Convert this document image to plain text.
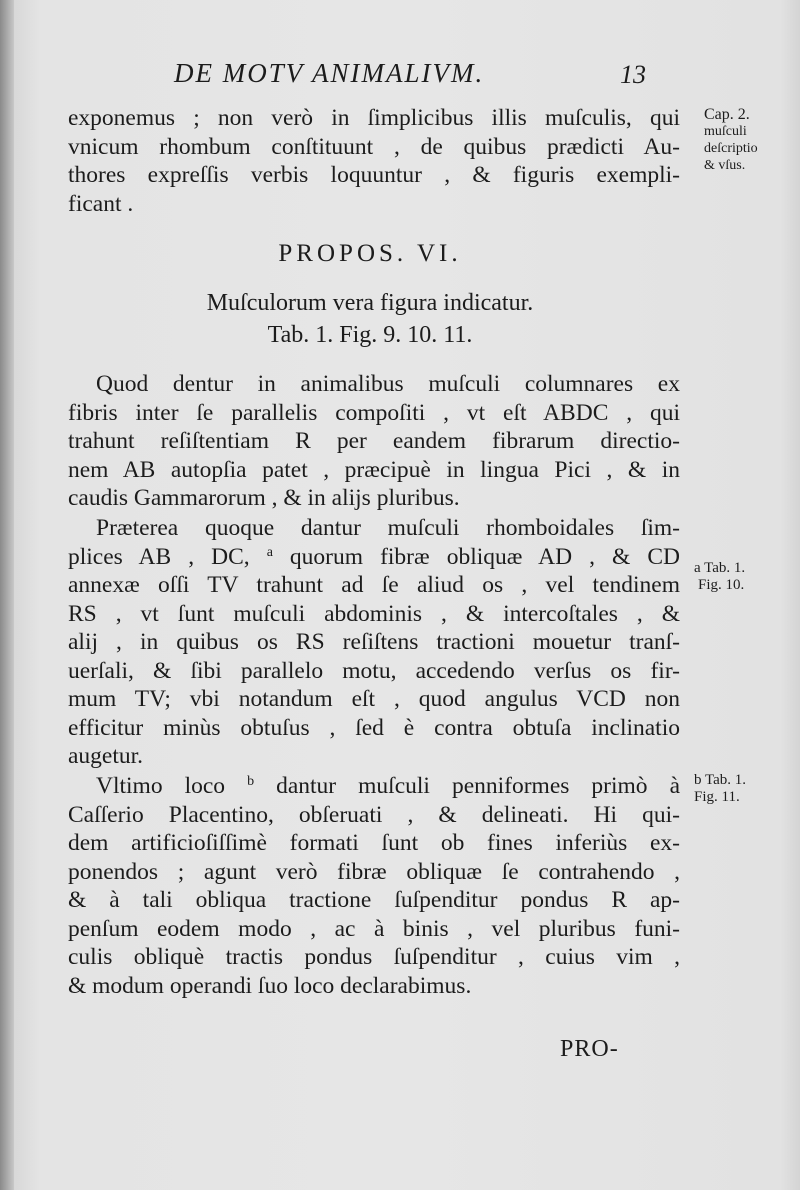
DE MOTV ANIMALIVM.	13
exponemus ; non verò in ſimplicibus illis muſculis, qui
vnicum rhombum conſtituunt , de quibus prædicti Au-
thores expreſſis verbis loquuntur , & figuris exempli-
ficant .
PROPOS. VI.
Muſculorum vera figura indicatur.
Tab. 1. Fig. 9. 10. 11.
Quod dentur in animalibus muſculi columnares ex
fibris inter ſe parallelis compoſiti , vt eſt ABDC , qui
trahunt reſiſtentiam R per eandem fibrarum directio-
nem AB autopſia patet , præcipuè in lingua Pici , & in
caudis Gammarorum , & in alijs pluribus.
Præterea quoque dantur muſculi rhomboidales ſim-
plices AB , DC, $^a$ quorum fibræ obliquæ AD , & CD
annexæ oſſi TV trahunt ad ſe aliud os , vel tendinem
RS , vt ſunt muſculi abdominis , & intercoſtales , &
alij , in quibus os RS reſiſtens tractioni mouetur tranſ-
uerſali, & ſibi parallelo motu, accedendo verſus os fir-
mum TV; vbi notandum eſt , quod angulus VCD non
efficitur minùs obtuſus , ſed è contra obtuſa inclinatio
augetur.
Vltimo loco $^b$ dantur muſculi penniformes primò à
Caſſerio Placentino, obſeruati , & delineati. Hi qui-
dem artificioſiſſimè formati ſunt ob fines inferiùs ex-
ponendos ; agunt verò fibræ obliquæ ſe contrahendo ,
& à tali obliqua tractione ſuſpenditur pondus R ap-
penſum eodem modo , ac à binis , vel pluribus funi-
culis obliquè tractis pondus ſuſpenditur , cuius vim ,
& modum operandi ſuo loco declarabimus.
Cap. 2.
muſculi
deſcriptio
& vſus.
a Tab. 1.
Fig. 10.
b Tab. 1.
Fig. 11.
PRO-
